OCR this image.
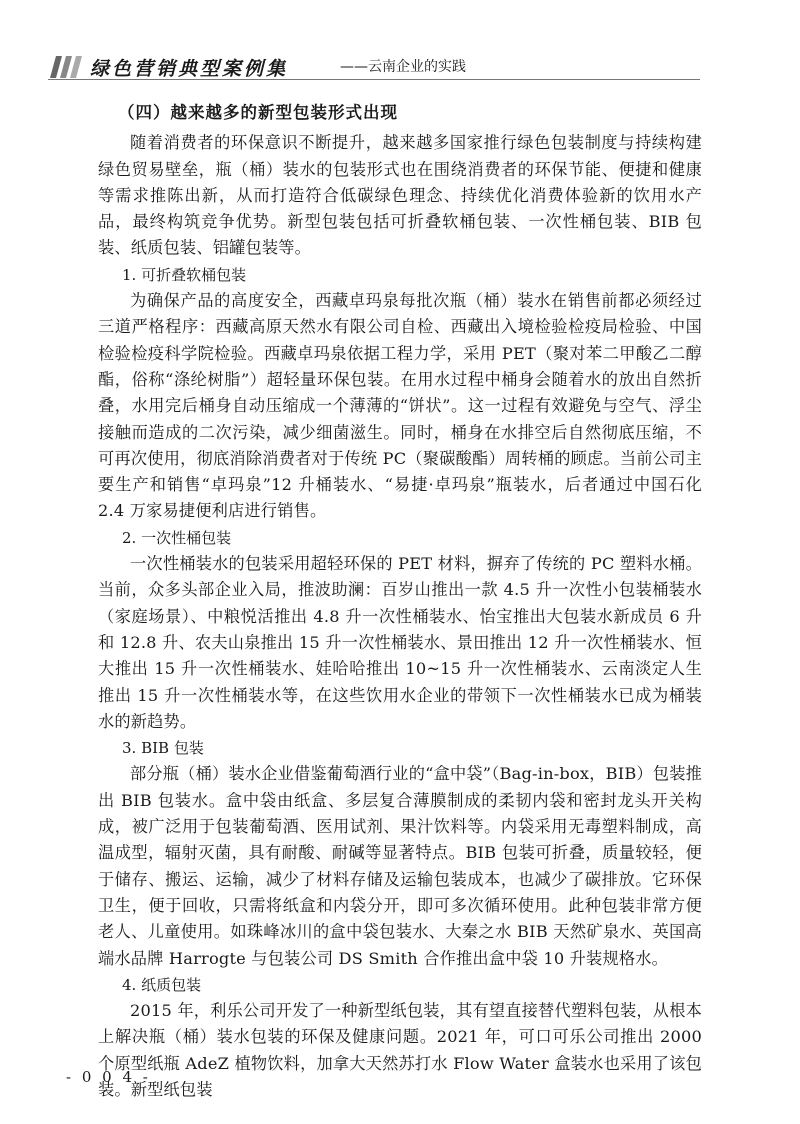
绿色营销典型案例集	——云南企业的实践

（四）越来越多的新型包装形式出现

随着消费者的环保意识不断提升，越来越多国家推行绿色包装制度与持续构建绿色贸易壁垒，瓶（桶）装水的包装形式也在围绕消费者的环保节能、便捷和健康等需求推陈出新，从而打造符合低碳绿色理念、持续优化消费体验新的饮用水产品，最终构筑竞争优势。新型包装包括可折叠软桶包装、一次性桶包装、BIB 包装、纸质包装、铝罐包装等。

1. 可折叠软桶包装

为确保产品的高度安全，西藏卓玛泉每批次瓶（桶）装水在销售前都必须经过三道严格程序：西藏高原天然水有限公司自检、西藏出入境检验检疫局检验、中国检验检疫科学院检验。西藏卓玛泉依据工程力学，采用 PET（聚对苯二甲酸乙二醇酯，俗称“涤纶树脂”）超轻量环保包装。在用水过程中桶身会随着水的放出自然折叠，水用完后桶身自动压缩成一个薄薄的“饼状”。这一过程有效避免与空气、浮尘接触而造成的二次污染，减少细菌滋生。同时，桶身在水排空后自然彻底压缩，不可再次使用，彻底消除消费者对于传统 PC（聚碳酸酯）周转桶的顾虑。当前公司主要生产和销售“卓玛泉”12 升桶装水、“易捷·卓玛泉”瓶装水，后者通过中国石化 2.4 万家易捷便利店进行销售。

2. 一次性桶包装

一次性桶装水的包装采用超轻环保的 PET 材料，摒弃了传统的 PC 塑料水桶。当前，众多头部企业入局，推波助澜：百岁山推出一款 4.5 升一次性小包装桶装水（家庭场景）、中粮悦活推出 4.8 升一次性桶装水、怡宝推出大包装水新成员 6 升和 12.8 升、农夫山泉推出 15 升一次性桶装水、景田推出 12 升一次性桶装水、恒大推出 15 升一次性桶装水、娃哈哈推出 10~15 升一次性桶装水、云南淡定人生推出 15 升一次性桶装水等，在这些饮用水企业的带领下一次性桶装水已成为桶装水的新趋势。

3. BIB 包装

部分瓶（桶）装水企业借鉴葡萄酒行业的“盒中袋”（Bag-in-box，BIB）包装推出 BIB 包装水。盒中袋由纸盒、多层复合薄膜制成的柔韧内袋和密封龙头开关构成，被广泛用于包装葡萄酒、医用试剂、果汁饮料等。内袋采用无毒塑料制成，高温成型，辐射灭菌，具有耐酸、耐碱等显著特点。BIB 包装可折叠，质量较轻，便于储存、搬运、运输，减少了材料存储及运输包装成本，也减少了碳排放。它环保卫生，便于回收，只需将纸盒和内袋分开，即可多次循环使用。此种包装非常方便老人、儿童使用。如珠峰冰川的盒中袋包装水、大秦之水 BIB 天然矿泉水、英国高端水品牌 Harrogte 与包装公司 DS Smith 合作推出盒中袋 10 升装规格水。

4. 纸质包装

2015 年，利乐公司开发了一种新型纸包装，其有望直接替代塑料包装，从根本上解决瓶（桶）装水包装的环保及健康问题。2021 年，可口可乐公司推出 2000 个原型纸瓶 AdeZ 植物饮料，加拿大天然苏打水 Flow Water 盒装水也采用了该包装。新型纸包装

- 0 0 4 -
